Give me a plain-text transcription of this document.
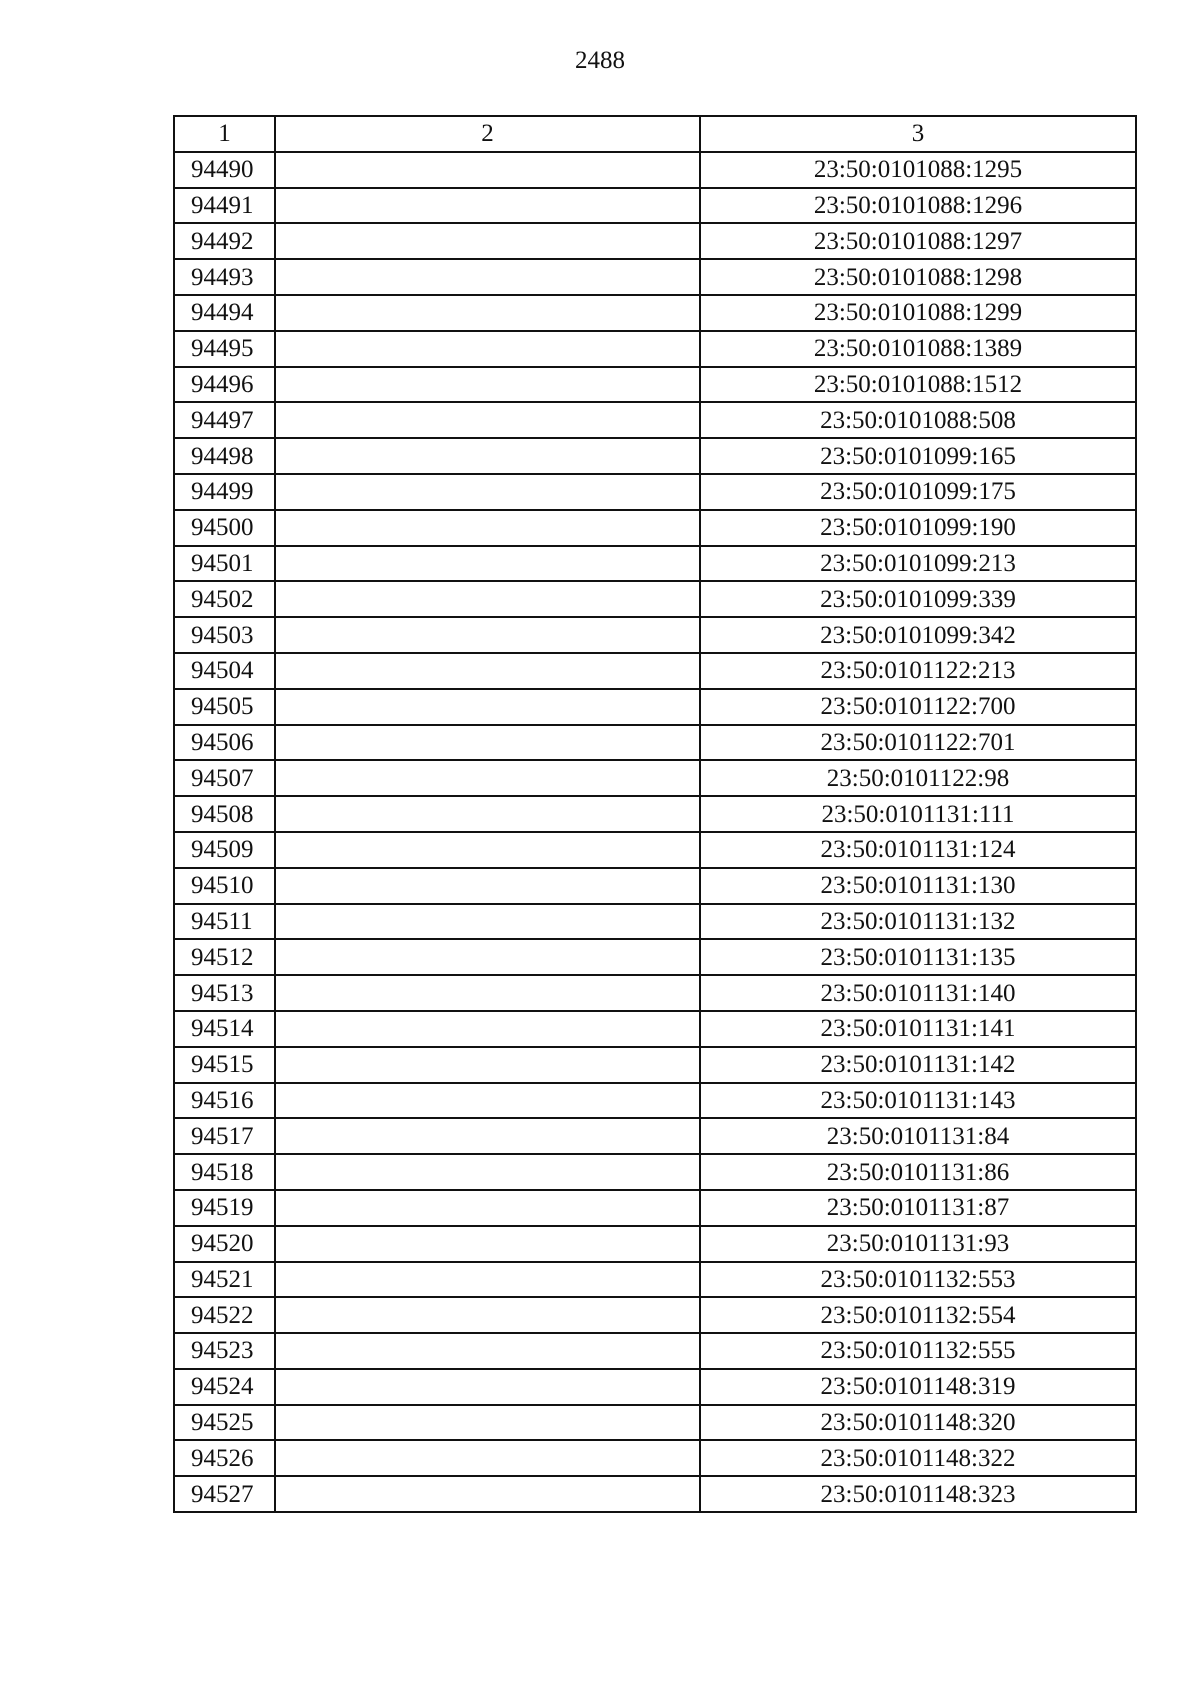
2488
1	2	3
94490		23:50:0101088:1295
94491		23:50:0101088:1296
94492		23:50:0101088:1297
94493		23:50:0101088:1298
94494		23:50:0101088:1299
94495		23:50:0101088:1389
94496		23:50:0101088:1512
94497		23:50:0101088:508
94498		23:50:0101099:165
94499		23:50:0101099:175
94500		23:50:0101099:190
94501		23:50:0101099:213
94502		23:50:0101099:339
94503		23:50:0101099:342
94504		23:50:0101122:213
94505		23:50:0101122:700
94506		23:50:0101122:701
94507		23:50:0101122:98
94508		23:50:0101131:111
94509		23:50:0101131:124
94510		23:50:0101131:130
94511		23:50:0101131:132
94512		23:50:0101131:135
94513		23:50:0101131:140
94514		23:50:0101131:141
94515		23:50:0101131:142
94516		23:50:0101131:143
94517		23:50:0101131:84
94518		23:50:0101131:86
94519		23:50:0101131:87
94520		23:50:0101131:93
94521		23:50:0101132:553
94522		23:50:0101132:554
94523		23:50:0101132:555
94524		23:50:0101148:319
94525		23:50:0101148:320
94526		23:50:0101148:322
94527		23:50:0101148:323
